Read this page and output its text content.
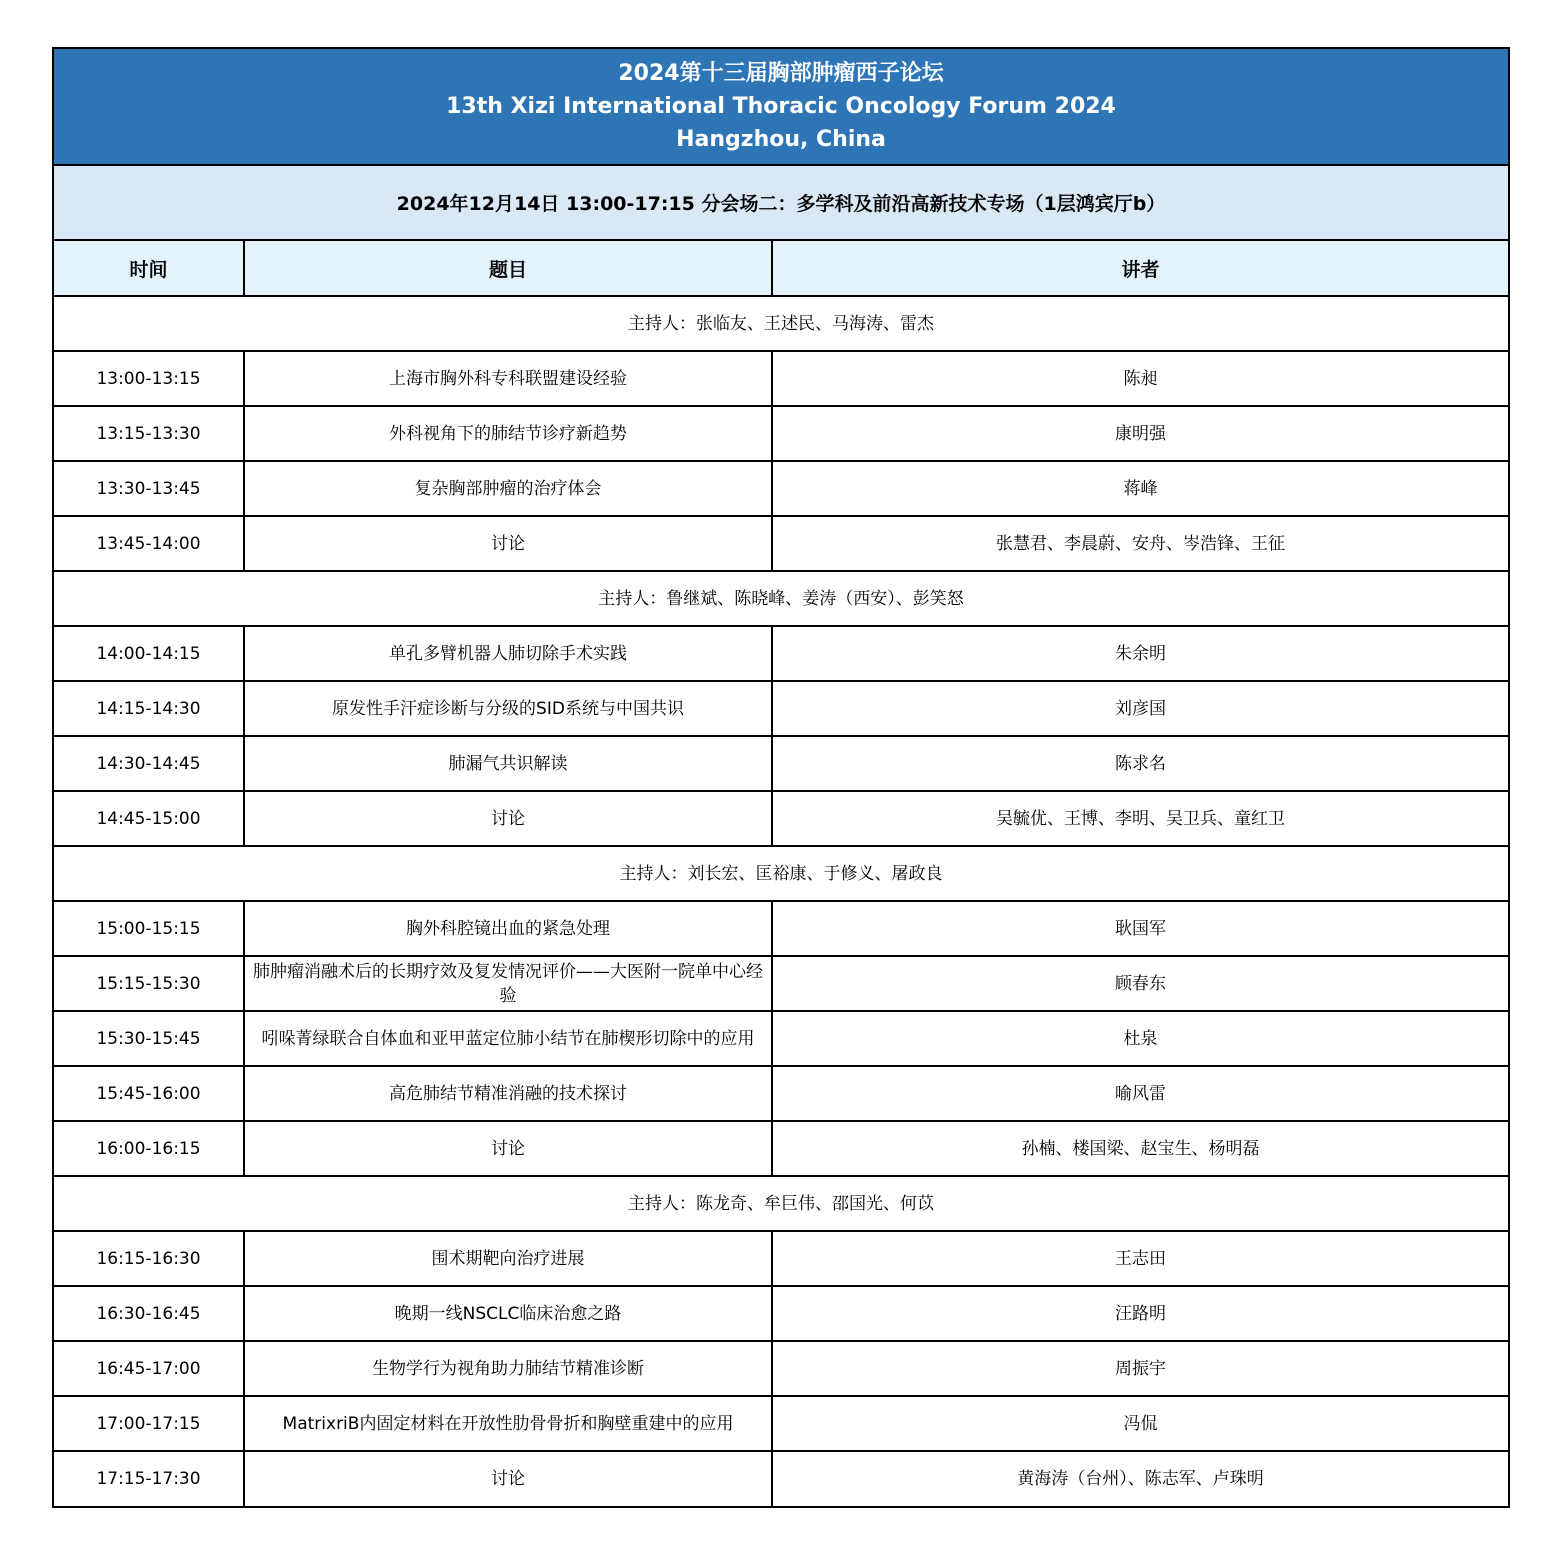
2024第十三届胸部肿瘤西子论坛
13th Xizi International Thoracic Oncology Forum 2024
Hangzhou, China
2024年12月14日 13:00-17:15 分会场二：多学科及前沿高新技术专场（1层鸿宾厅b）
时间	题目	讲者
主持人：张临友、王述民、马海涛、雷杰		
13:00-13:15	上海市胸外科专科联盟建设经验	陈昶
13:15-13:30	外科视角下的肺结节诊疗新趋势	康明强
13:30-13:45	复杂胸部肿瘤的治疗体会	蒋峰
13:45-14:00	讨论	张慧君、李晨蔚、安舟、岑浩锋、王征
主持人：鲁继斌、陈晓峰、姜涛（西安）、彭笑怒		
14:00-14:15	单孔多臂机器人肺切除手术实践	朱余明
14:15-14:30	原发性手汗症诊断与分级的SID系统与中国共识	刘彦国
14:30-14:45	肺漏气共识解读	陈求名
14:45-15:00	讨论	吴毓优、王博、李明、吴卫兵、童红卫
主持人：刘长宏、匡裕康、于修义、屠政良		
15:00-15:15	胸外科腔镜出血的紧急处理	耿国军
15:15-15:30	肺肿瘤消融术后的长期疗效及复发情况评价——大医附一院单中心经验	顾春东
15:30-15:45	吲哚菁绿联合自体血和亚甲蓝定位肺小结节在肺楔形切除中的应用	杜泉
15:45-16:00	高危肺结节精准消融的技术探讨	喻风雷
16:00-16:15	讨论	孙楠、楼国梁、赵宝生、杨明磊
主持人：陈龙奇、牟巨伟、邵国光、何苡		
16:15-16:30	围术期靶向治疗进展	王志田
16:30-16:45	晚期一线NSCLC临床治愈之路	汪路明
16:45-17:00	生物学行为视角助力肺结节精准诊断	周振宇
17:00-17:15	MatrixriB内固定材料在开放性肋骨骨折和胸壁重建中的应用	冯侃
17:15-17:30	讨论	黄海涛（台州）、陈志军、卢珠明
